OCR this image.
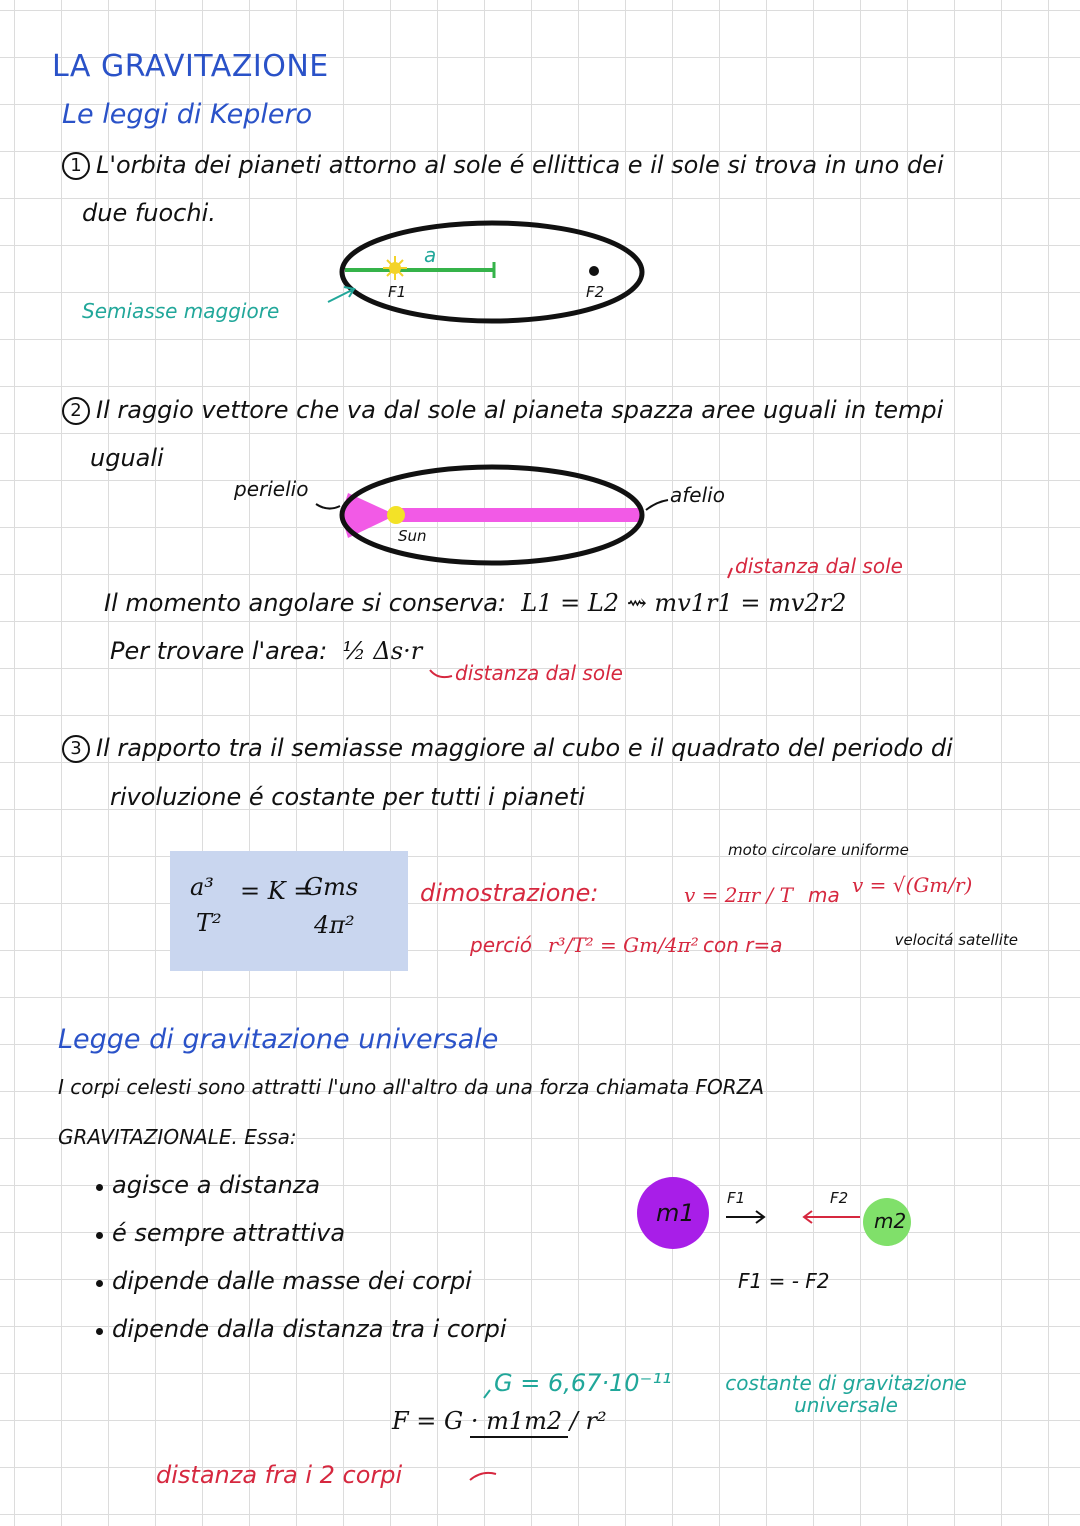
LA GRAVITAZIONE
Le leggi di Keplero
1 L'orbita dei pianeti attorno al sole é ellittica e il sole si trova in uno dei
due fuochi.
Semiasse maggiore
a
F1	F2
2 Il raggio vettore che va dal sole al pianeta spazza aree uguali in tempi
uguali
perielio	afelio
Sun
distanza dal sole
Il momento angolare si conserva: L1 = L2 ⇝ mv1r1 = mv2r2
Per trovare l'area: ½ Δs·r
distanza dal sole
3 Il rapporto tra il semiasse maggiore al cubo e il quadrato del periodo di
rivoluzione é costante per tutti i pianeti
a³
T²
= K =
Gms
4π²
moto circolare uniforme
dimostrazione:	v = 2πr / T ma v = √(Gm/r)
perció r³/T² = Gm/4π² con r=a	velocitá satellite
Legge di gravitazione universale
I corpi celesti sono attratti l'uno all'altro da una forza chiamata FORZA
GRAVITAZIONALE. Essa:
agisce a distanza
é sempre attrattiva
dipende dalle masse dei corpi
dipende dalla distanza tra i corpi
m1	m2
F1	F2
F1 = - F2
G = 6,67·10⁻¹¹	costante di gravitazione universale
F = G · m1m2 / r²
distanza fra i 2 corpi
